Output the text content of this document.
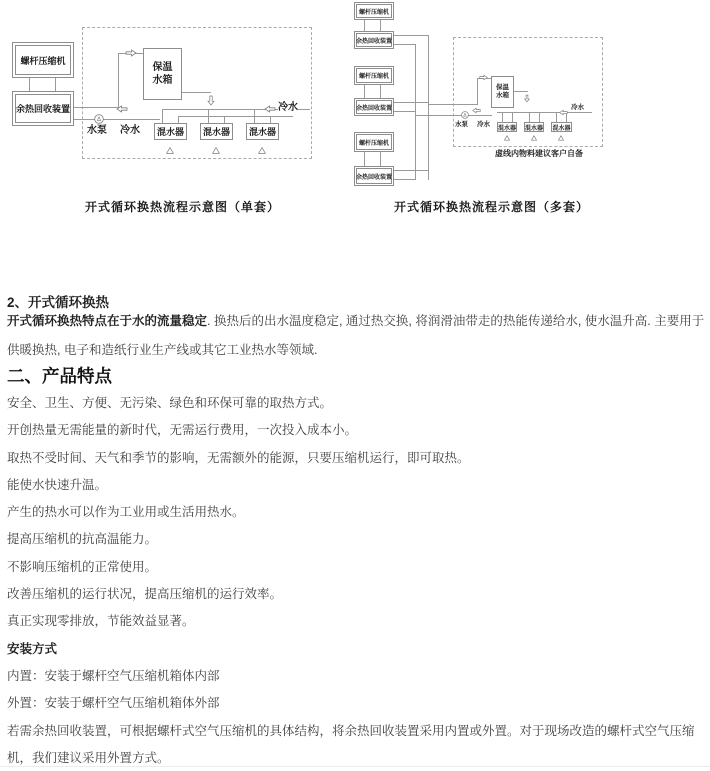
螺杆压缩机
余热回收装置
保温
水箱
水泵 冷水
冷水
混水器 混水器 混水器
开式循环换热流程示意图（单套）
螺杆压缩机
余热回收装置
螺杆压缩机
余热回收装置
螺杆压缩机
余热回收装置
保温
水箱
水泵 冷水
冷水
混水器 混水器 混水器
虚线内物料建议客户自备
开式循环换热流程示意图（多套）
2、开式循环换热

开式循环换热特点在于水的流量稳定. 换热后的出水温度稳定, 通过热交换, 将润滑油带走的热能传递给水, 使水温升高. 主要用于供暖换热, 电子和造纸行业生产线或其它工业热水等领域.

二、产品特点
安全、卫生、方便、无污染、绿色和环保可靠的取热方式。
开创热量无需能量的新时代，无需运行费用，一次投入成本小。
取热不受时间、天气和季节的影响，无需额外的能源，只要压缩机运行，即可取热。
能使水快速升温。
产生的热水可以作为工业用或生活用热水。
提高压缩机的抗高温能力。
不影响压缩机的正常使用。
改善压缩机的运行状况，提高压缩机的运行效率。
真正实现零排放，节能效益显著。
安装方式
内置：安装于螺杆空气压缩机箱体内部
外置：安装于螺杆空气压缩机箱体外部
若需余热回收装置，可根据螺杆式空气压缩机的具体结构，将余热回收装置采用内置或外置。对于现场改造的螺杆式空气压缩机，我们建议采用外置方式。
